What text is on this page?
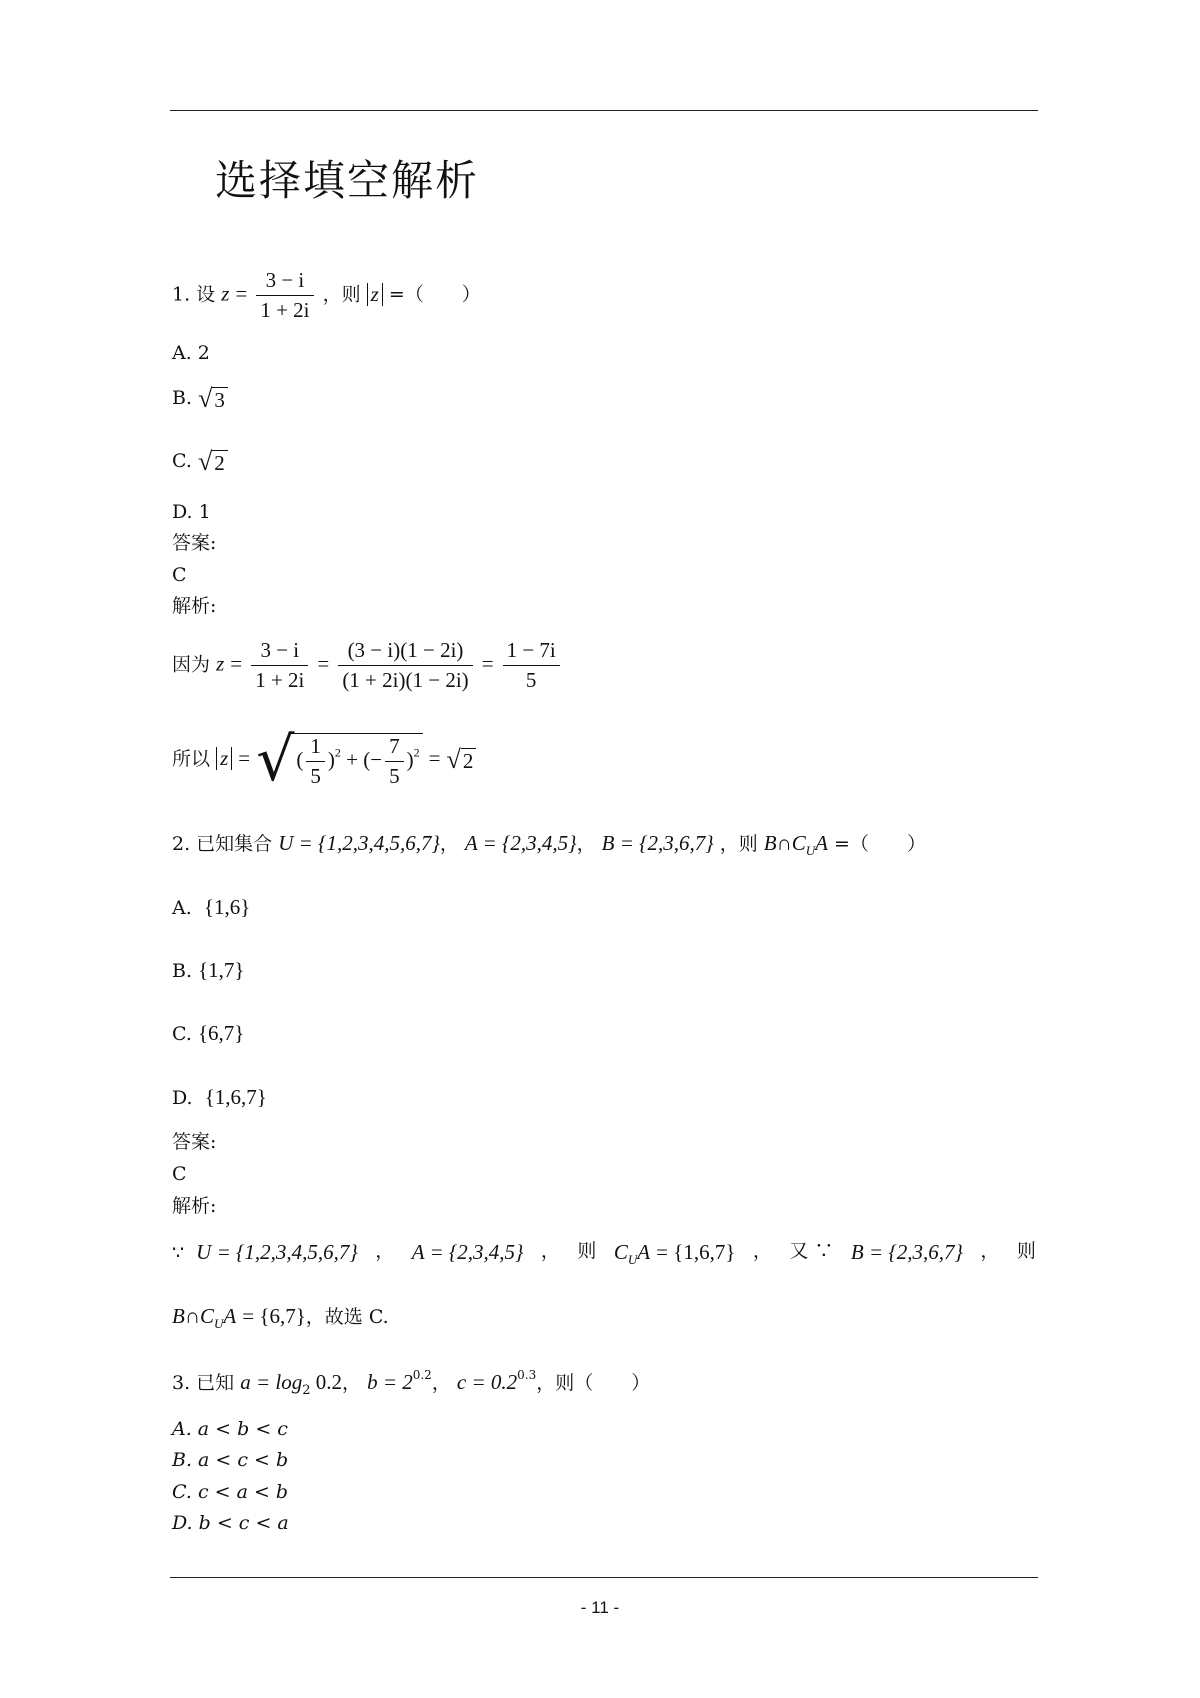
选择填空解析
1. 设 $z = \frac{3 - i}{1 + 2i}$ ，则 z =（　　）
A. 2
B. √3
C. √2
D. 1
答案:
C
解析:
因为 $z = \frac{3 - i}{1 + 2i} = \frac{(3 - i)(1 - 2i)}{(1 + 2i)(1 - 2i)} = \frac{1 - 7i}{5}$
所以 z = √( $\frac{1}{5} )^2$ + (− $\frac{7}{5} )^2 = √2$
2. 已知集合 U = {1,2,3,4,5,6,7}， A = {2,3,4,5}， B = {2,3,6,7} ，则 $B\cap C_UA$ =（　　）
A. {1,6}
B. {1,7}
C. {6,7}
D. {1,6,7}
答案:
C
解析:
∵  U = {1,2,3,4,5,6,7} ， A = {2,3,4,5} ， 则 $C_UA = \{1,6,7\}$ ， 又 ∵ B = {2,3,6,7} ， 则
$B\cap C_UA = \{6,7\}$，故选 C.
3. 已知 $a = \log_2 0.2$， $b = 2^{0.2}$， $c = 0.2^{0.3}$，则（　　）
A. a < b < c
B. a < c < b
C. c < a < b
D. b < c < a
- 11 -
